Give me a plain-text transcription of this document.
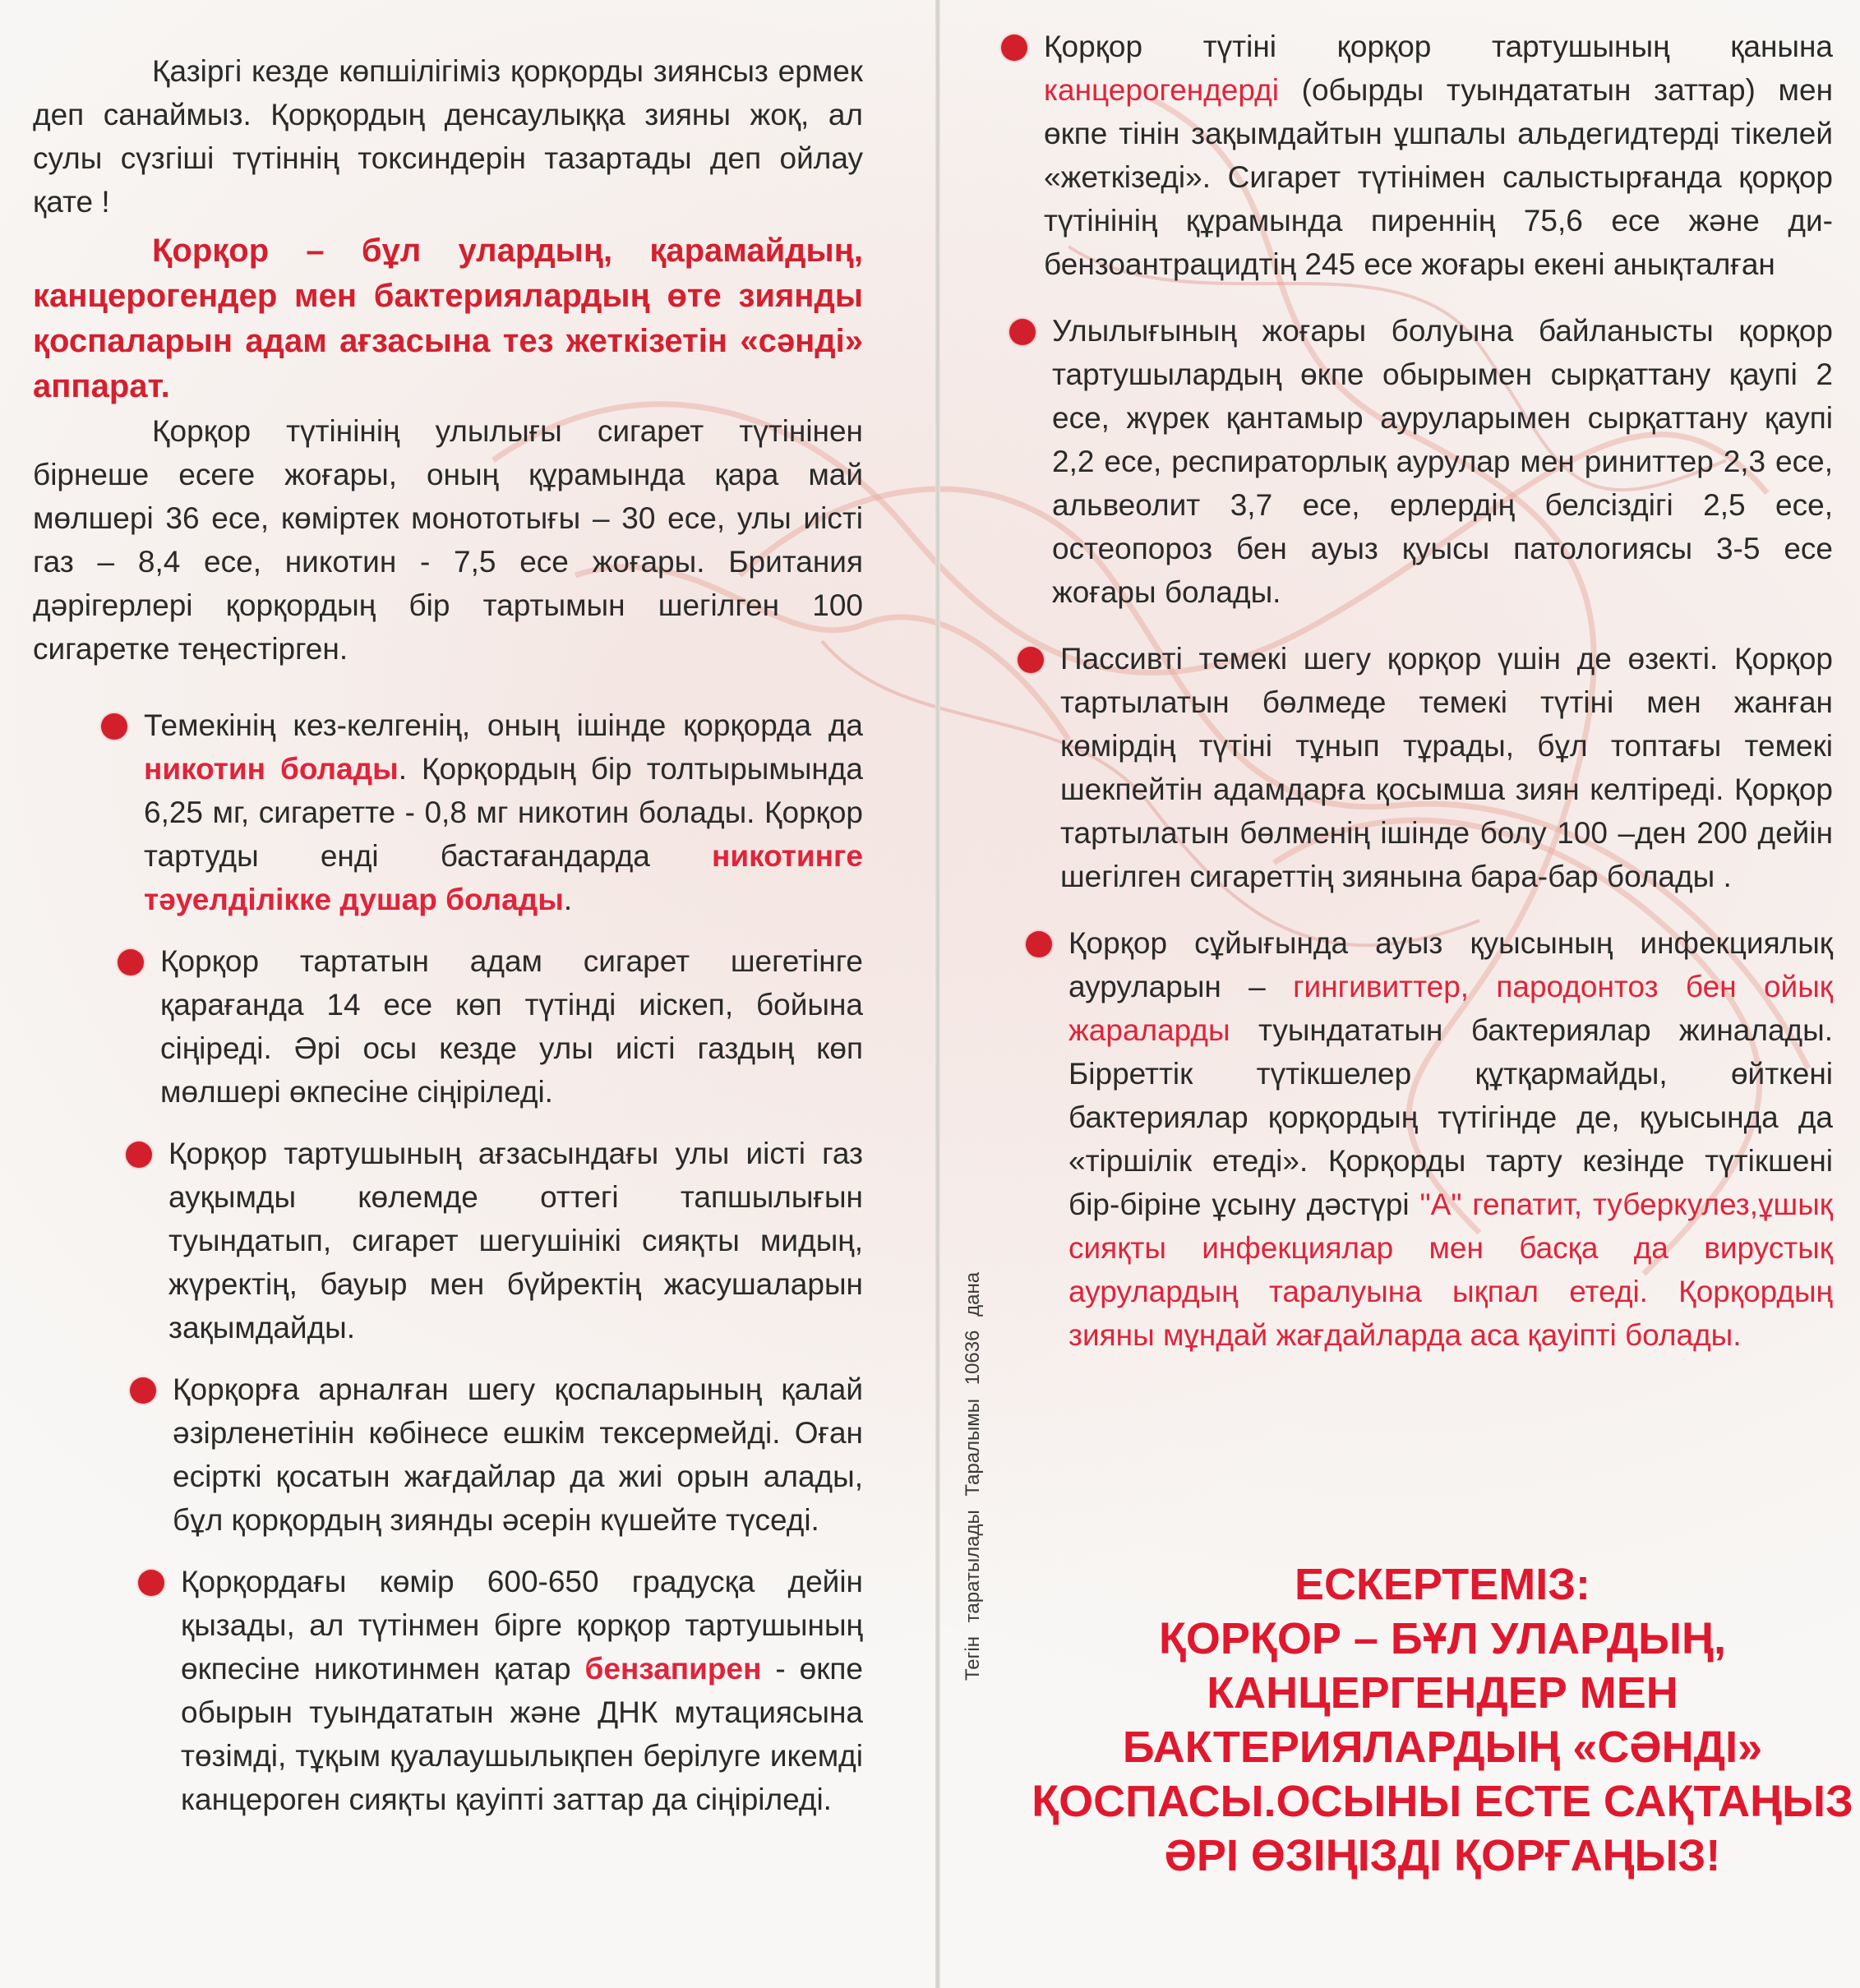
Қазіргі кезде көпшілігіміз қорқорды зиянсыз ермек деп санаймыз. Қорқордың денсаулыққа зияны жоқ, ал сулы сүзгіші түтіннің токсиндерін тазартады деп ойлау қате !

Қорқор – бұл улардың, қарамайдың, канцерогендер мен бактериялардың өте зиянды қоспаларын адам ағзасына тез жеткізетін «сәнді» аппарат.

Қорқор түтінінің улылығы сигарет түтінінен бірнеше есеге жоғары, оның құрамында қара май мөлшері 36 есе, көміртек монототығы – 30 есе, улы иісті газ – 8,4 есе, никотин - 7,5 есе жоғары. Британия дәрігерлері қорқордың бір тартымын шегілген 100 сигаретке теңестірген.

Темекінің кез-келгенің, оның ішінде қорқорда да никотин болады. Қорқордың бір толтырымында 6,25 мг, сигаретте - 0,8 мг никотин болады. Қорқор тартуды енді бастағандарда никотинге тәуелділікке душар болады.

Қорқор тартатын адам сигарет шегетінге қарағанда 14 есе көп түтінді иіскеп, бойына сіңіреді. Әрі осы кезде улы иісті газдың көп мөлшері өкпесіне сіңіріледі.

Қорқор тартушының ағзасындағы улы иісті газ ауқымды көлемде оттегі тапшылығын туындатып, сигарет шегушінікі сияқты мидың, жүректің, бауыр мен бүйректің жасушаларын зақымдайды.

Қорқорға арналған шегу қоспаларының қалай әзірленетінін көбінесе ешкім тексермейді. Оған есірткі қосатын жағдайлар да жиі орын алады, бұл қорқордың зиянды әсерін күшейте түседі.

Қорқордағы көмір 600-650 градусқа дейін қызады, ал түтінмен бірге қорқор тартушының өкпесіне никотинмен қатар бензапирен - өкпе обырын туындататын және ДНК мутациясына төзімді, тұқым қуалаушылықпен берілуге икемді канцероген сияқты қауіпті заттар да сіңіріледі.

Тегін таратылады Таралымы 10636 дана

Қорқор түтіні қорқор тартушының қанына канцерогендерді (обырды туындататын заттар) мен өкпе тінін зақымдайтын ұшпалы альдегидтерді тікелей «жеткізеді». Сигарет түтінімен салыстырғанда қорқор түтінінің құрамында пиреннің 75,6 есе және ди-бензоантрацидтің 245 есе жоғары екені анықталған

Улылығының жоғары болуына байланысты қорқор тартушылардың өкпе обырымен сырқаттану қаупі 2 есе, жүрек қантамыр ауруларымен сырқаттану қаупі 2,2 есе, респираторлық аурулар мен риниттер 2,3 есе, альвеолит 3,7 есе, ерлердің белсіздігі 2,5 есе, остеопороз бен ауыз қуысы патологиясы 3-5 есе жоғары болады.

Пассивті темекі шегу қорқор үшін де өзекті. Қорқор тартылатын бөлмеде темекі түтіні мен жанған көмірдің түтіні тұнып тұрады, бұл топтағы темекі шекпейтін адамдарға қосымша зиян келтіреді. Қорқор тартылатын бөлменің ішінде болу 100 –ден 200 дейін шегілген сигареттің зиянына бара-бар болады .

Қорқор сұйығында ауыз қуысының инфекциялық ауруларын – гингивиттер, пародонтоз бен ойық жараларды туындататын бактериялар жиналады. Бірреттік түтікшелер құтқармайды, өйткені бактериялар қорқордың түтігінде де, қуысында да «тіршілік етеді». Қорқорды тарту кезінде түтікшені бір-біріне ұсыну дәстүрі "А" гепатит, туберкулез,ұшық сияқты инфекциялар мен басқа да вирустық аурулардың таралуына ықпал етеді. Қорқордың зияны мұндай жағдайларда аса қауіпті болады.

ЕСКЕРТЕМІЗ:
ҚОРҚОР – БҰЛ УЛАРДЫҢ,
КАНЦЕРГЕНДЕР МЕН
БАКТЕРИЯЛАРДЫҢ «СӘНДІ»
ҚОСПАСЫ.ОСЫНЫ ЕСТЕ САҚТАҢЫЗ
ӘРІ ӨЗІҢІЗДІ ҚОРҒАҢЫЗ!
